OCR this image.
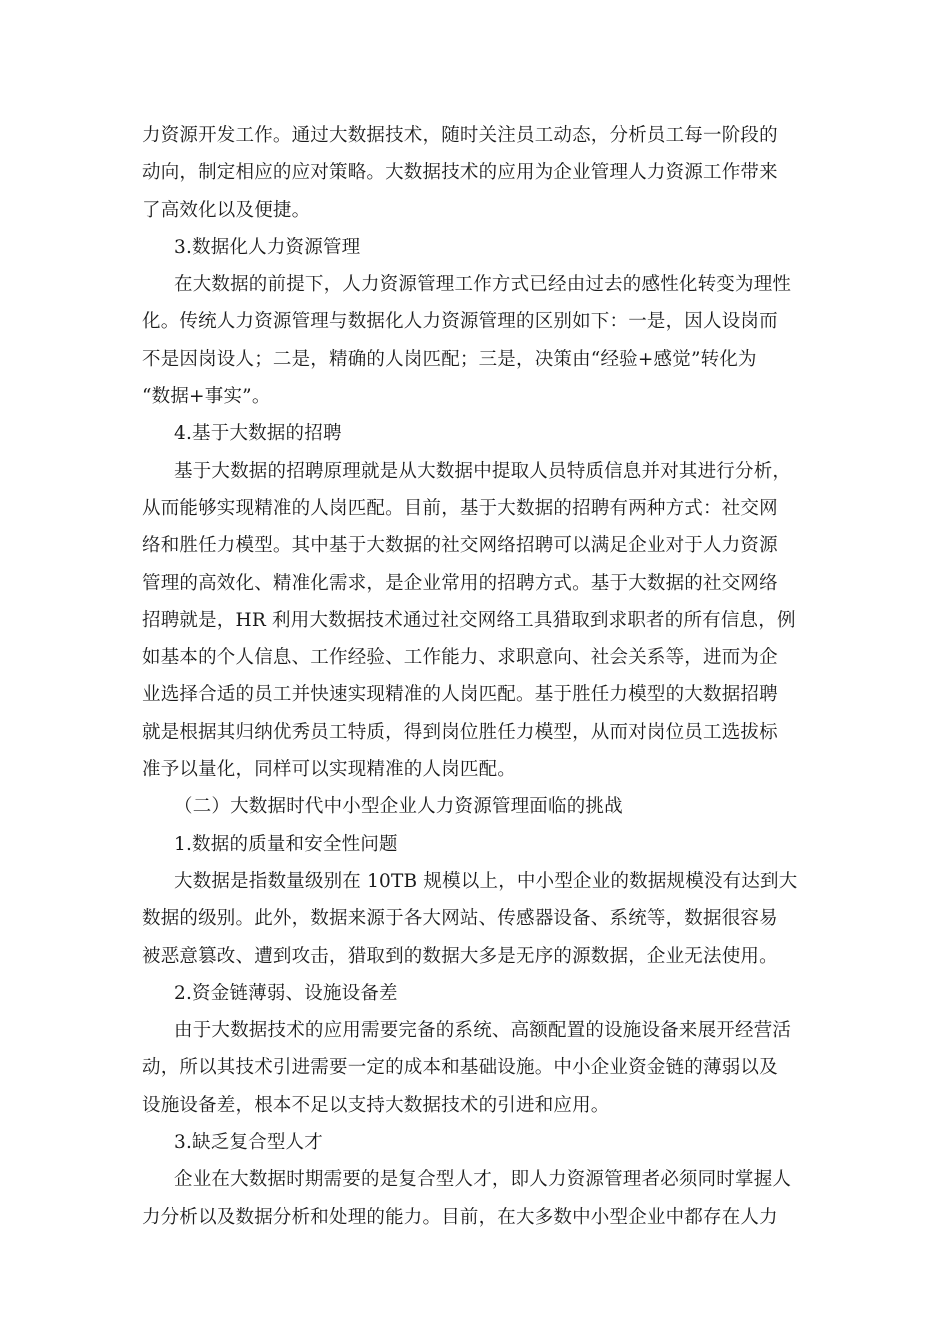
力资源开发工作。通过大数据技术，随时关注员工动态，分析员工每一阶段的
动向，制定相应的应对策略。大数据技术的应用为企业管理人力资源工作带来
了高效化以及便捷。
3.数据化人力资源管理
在大数据的前提下，人力资源管理工作方式已经由过去的感性化转变为理性
化。传统人力资源管理与数据化人力资源管理的区别如下：一是，因人设岗而
不是因岗设人；二是，精确的人岗匹配；三是，决策由“经验+感觉”转化为
“数据+事实”。
4.基于大数据的招聘
基于大数据的招聘原理就是从大数据中提取人员特质信息并对其进行分析，
从而能够实现精准的人岗匹配。目前，基于大数据的招聘有两种方式：社交网
络和胜任力模型。其中基于大数据的社交网络招聘可以满足企业对于人力资源
管理的高效化、精准化需求，是企业常用的招聘方式。基于大数据的社交网络
招聘就是，HR 利用大数据技术通过社交网络工具猎取到求职者的所有信息，例
如基本的个人信息、工作经验、工作能力、求职意向、社会关系等，进而为企
业选择合适的员工并快速实现精准的人岗匹配。基于胜任力模型的大数据招聘
就是根据其归纳优秀员工特质，得到岗位胜任力模型，从而对岗位员工选拔标
准予以量化，同样可以实现精准的人岗匹配。
（二）大数据时代中小型企业人力资源管理面临的挑战
1.数据的质量和安全性问题
大数据是指数量级别在 10TB 规模以上，中小型企业的数据规模没有达到大
数据的级别。此外，数据来源于各大网站、传感器设备、系统等，数据很容易
被恶意篡改、遭到攻击，猎取到的数据大多是无序的源数据，企业无法使用。
2.资金链薄弱、设施设备差
由于大数据技术的应用需要完备的系统、高额配置的设施设备来展开经营活
动，所以其技术引进需要一定的成本和基础设施。中小企业资金链的薄弱以及
设施设备差，根本不足以支持大数据技术的引进和应用。
3.缺乏复合型人才
企业在大数据时期需要的是复合型人才，即人力资源管理者必须同时掌握人
力分析以及数据分析和处理的能力。目前，在大多数中小型企业中都存在人力
